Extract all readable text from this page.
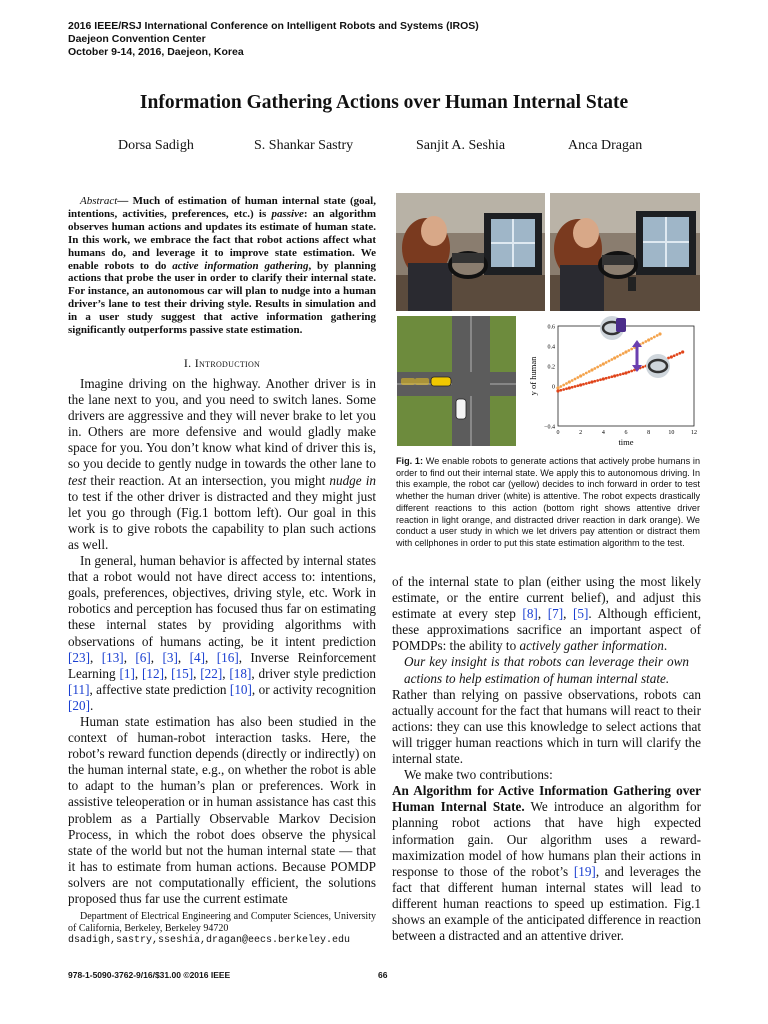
2016 IEEE/RSJ International Conference on Intelligent Robots and Systems (IROS)
Daejeon Convention Center
October 9-14, 2016, Daejeon, Korea
Information Gathering Actions over Human Internal State
Dorsa Sadigh	S. Shankar Sastry	Sanjit A. Seshia	Anca Dragan
Abstract— Much of estimation of human internal state (goal, intentions, activities, preferences, etc.) is passive: an algorithm observes human actions and updates its estimate of human state. In this work, we embrace the fact that robot actions affect what humans do, and leverage it to improve state estimation. We enable robots to do active information gathering, by planning actions that probe the user in order to clarify their internal state. For instance, an autonomous car will plan to nudge into a human driver’s lane to test their driving style. Results in simulation and in a user study suggest that active information gathering significantly outperforms passive state estimation.
I. Introduction

Imagine driving on the highway. Another driver is in the lane next to you, and you need to switch lanes. Some drivers are aggressive and they will never brake to let you in. Others are more defensive and would gladly make space for you. You don’t know what kind of driver this is, so you decide to gently nudge in towards the other lane to test their reaction. At an intersection, you might nudge in to test if the other driver is distracted and they might just let you go through (Fig.1 bottom left). Our goal in this work is to give robots the capability to plan such actions as well.

In general, human behavior is affected by internal states that a robot would not have direct access to: intentions, goals, preferences, objectives, driving style, etc. Work in robotics and perception has focused thus far on estimating these internal states by providing algorithms with observations of humans acting, be it intent prediction [23], [13], [6], [3], [4], [16], Inverse Reinforcement Learning [1], [12], [15], [22], [18], driver style prediction [11], affective state prediction [10], or activity recognition [20].

Human state estimation has also been studied in the context of human-robot interaction tasks. Here, the robot’s reward function depends (directly or indirectly) on the human internal state, e.g., on whether the robot is able to adapt to the human’s plan or preferences. Work in assistive teleoperation or in human assistance has cast this problem as a Partially Observable Markov Decision Process, in which the robot does observe the physical state of the world but not the human internal state — that it has to estimate from human actions. Because POMDP solvers are not computationally efficient, the solutions proposed thus far use the current estimate

Department of Electrical Engineering and Computer Sciences, University of California, Berkeley, Berkeley 94720
dsadigh,sastry,sseshia,dragan@eecs.berkeley.edu
978-1-5090-3762-9/16/$31.00 ©2016 IEEE	66
−0.4
0
0.2
0.4
0.6
0	2	4	6	8	10	12
time
y of human
Fig. 1: We enable robots to generate actions that actively probe humans in order to find out their internal state. We apply this to autonomous driving. In this example, the robot car (yellow) decides to inch forward in order to test whether the human driver (white) is attentive. The robot expects drastically different reactions to this action (bottom right shows attentive driver reaction in light orange, and distracted driver reaction in dark orange). We conduct a user study in which we let drivers pay attention or distract them with cellphones in order to put this state estimation algorithm to the test.

of the internal state to plan (either using the most likely estimate, or the entire current belief), and adjust this estimate at every step [8], [7], [5]. Although efficient, these approximations sacrifice an important aspect of POMDPs: the ability to actively gather information.

Our key insight is that robots can leverage their own actions to help estimation of human internal state.

Rather than relying on passive observations, robots can actually account for the fact that humans will react to their actions: they can use this knowledge to select actions that will trigger human reactions which in turn will clarify the internal state.

We make two contributions:

An Algorithm for Active Information Gathering over Human Internal State. We introduce an algorithm for planning robot actions that have high expected information gain. Our algorithm uses a reward-maximization model of how humans plan their actions in response to those of the robot’s [19], and leverages the fact that different human internal states will lead to different human reactions to speed up estimation. Fig.1 shows an example of the anticipated difference in reaction between a distracted and an attentive driver.
